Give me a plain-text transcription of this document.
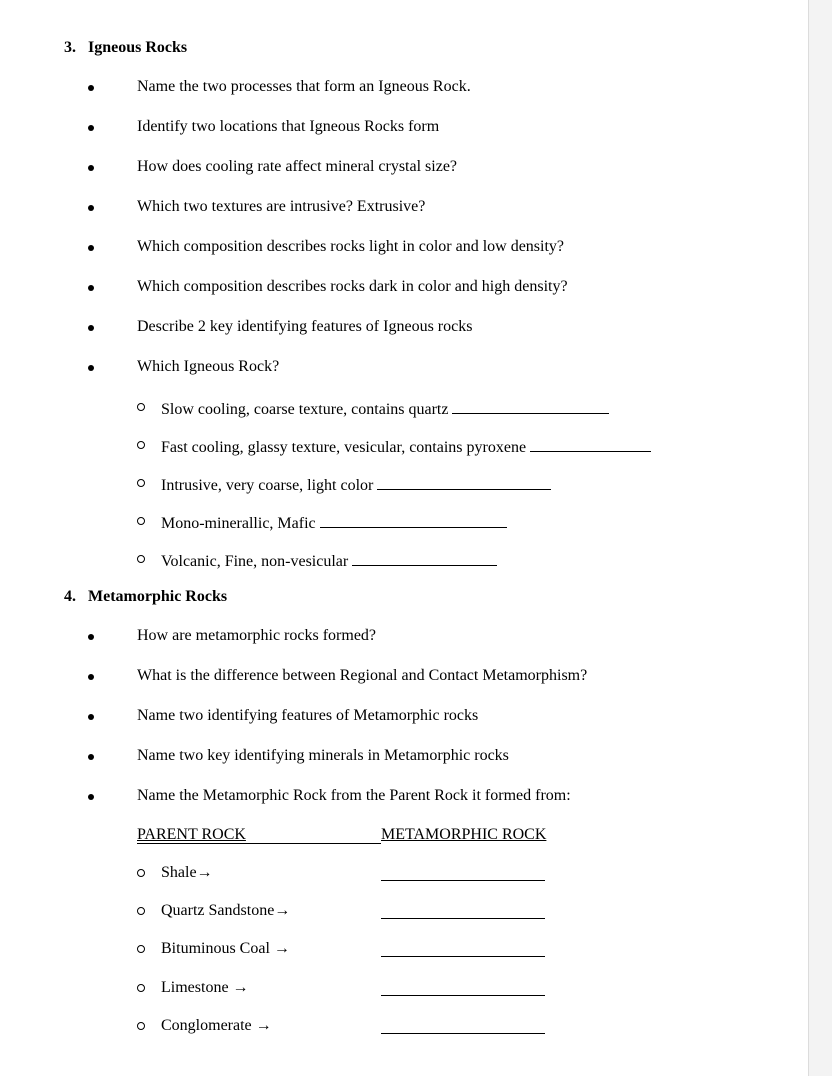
3. Igneous Rocks
Name the two processes that form an Igneous Rock.
Identify two locations that Igneous Rocks form
How does cooling rate affect mineral crystal size?
Which two textures are intrusive? Extrusive?
Which composition describes rocks light in color and low density?
Which composition describes rocks dark in color and high density?
Describe 2 key identifying features of Igneous rocks
Which Igneous Rock?
Slow cooling, coarse texture, contains quartz
Fast cooling, glassy texture, vesicular, contains pyroxene
Intrusive, very coarse, light color
Mono-minerallic, Mafic
Volcanic, Fine, non-vesicular
4. Metamorphic Rocks
How are metamorphic rocks formed?
What is the difference between Regional and Contact Metamorphism?
Name two identifying features of Metamorphic rocks
Name two key identifying minerals in Metamorphic rocks
Name the Metamorphic Rock from the Parent Rock it formed from:
PARENT ROCK	METAMORPHIC ROCK
Shale→
Quartz Sandstone→
Bituminous Coal →
Limestone →
Conglomerate →
